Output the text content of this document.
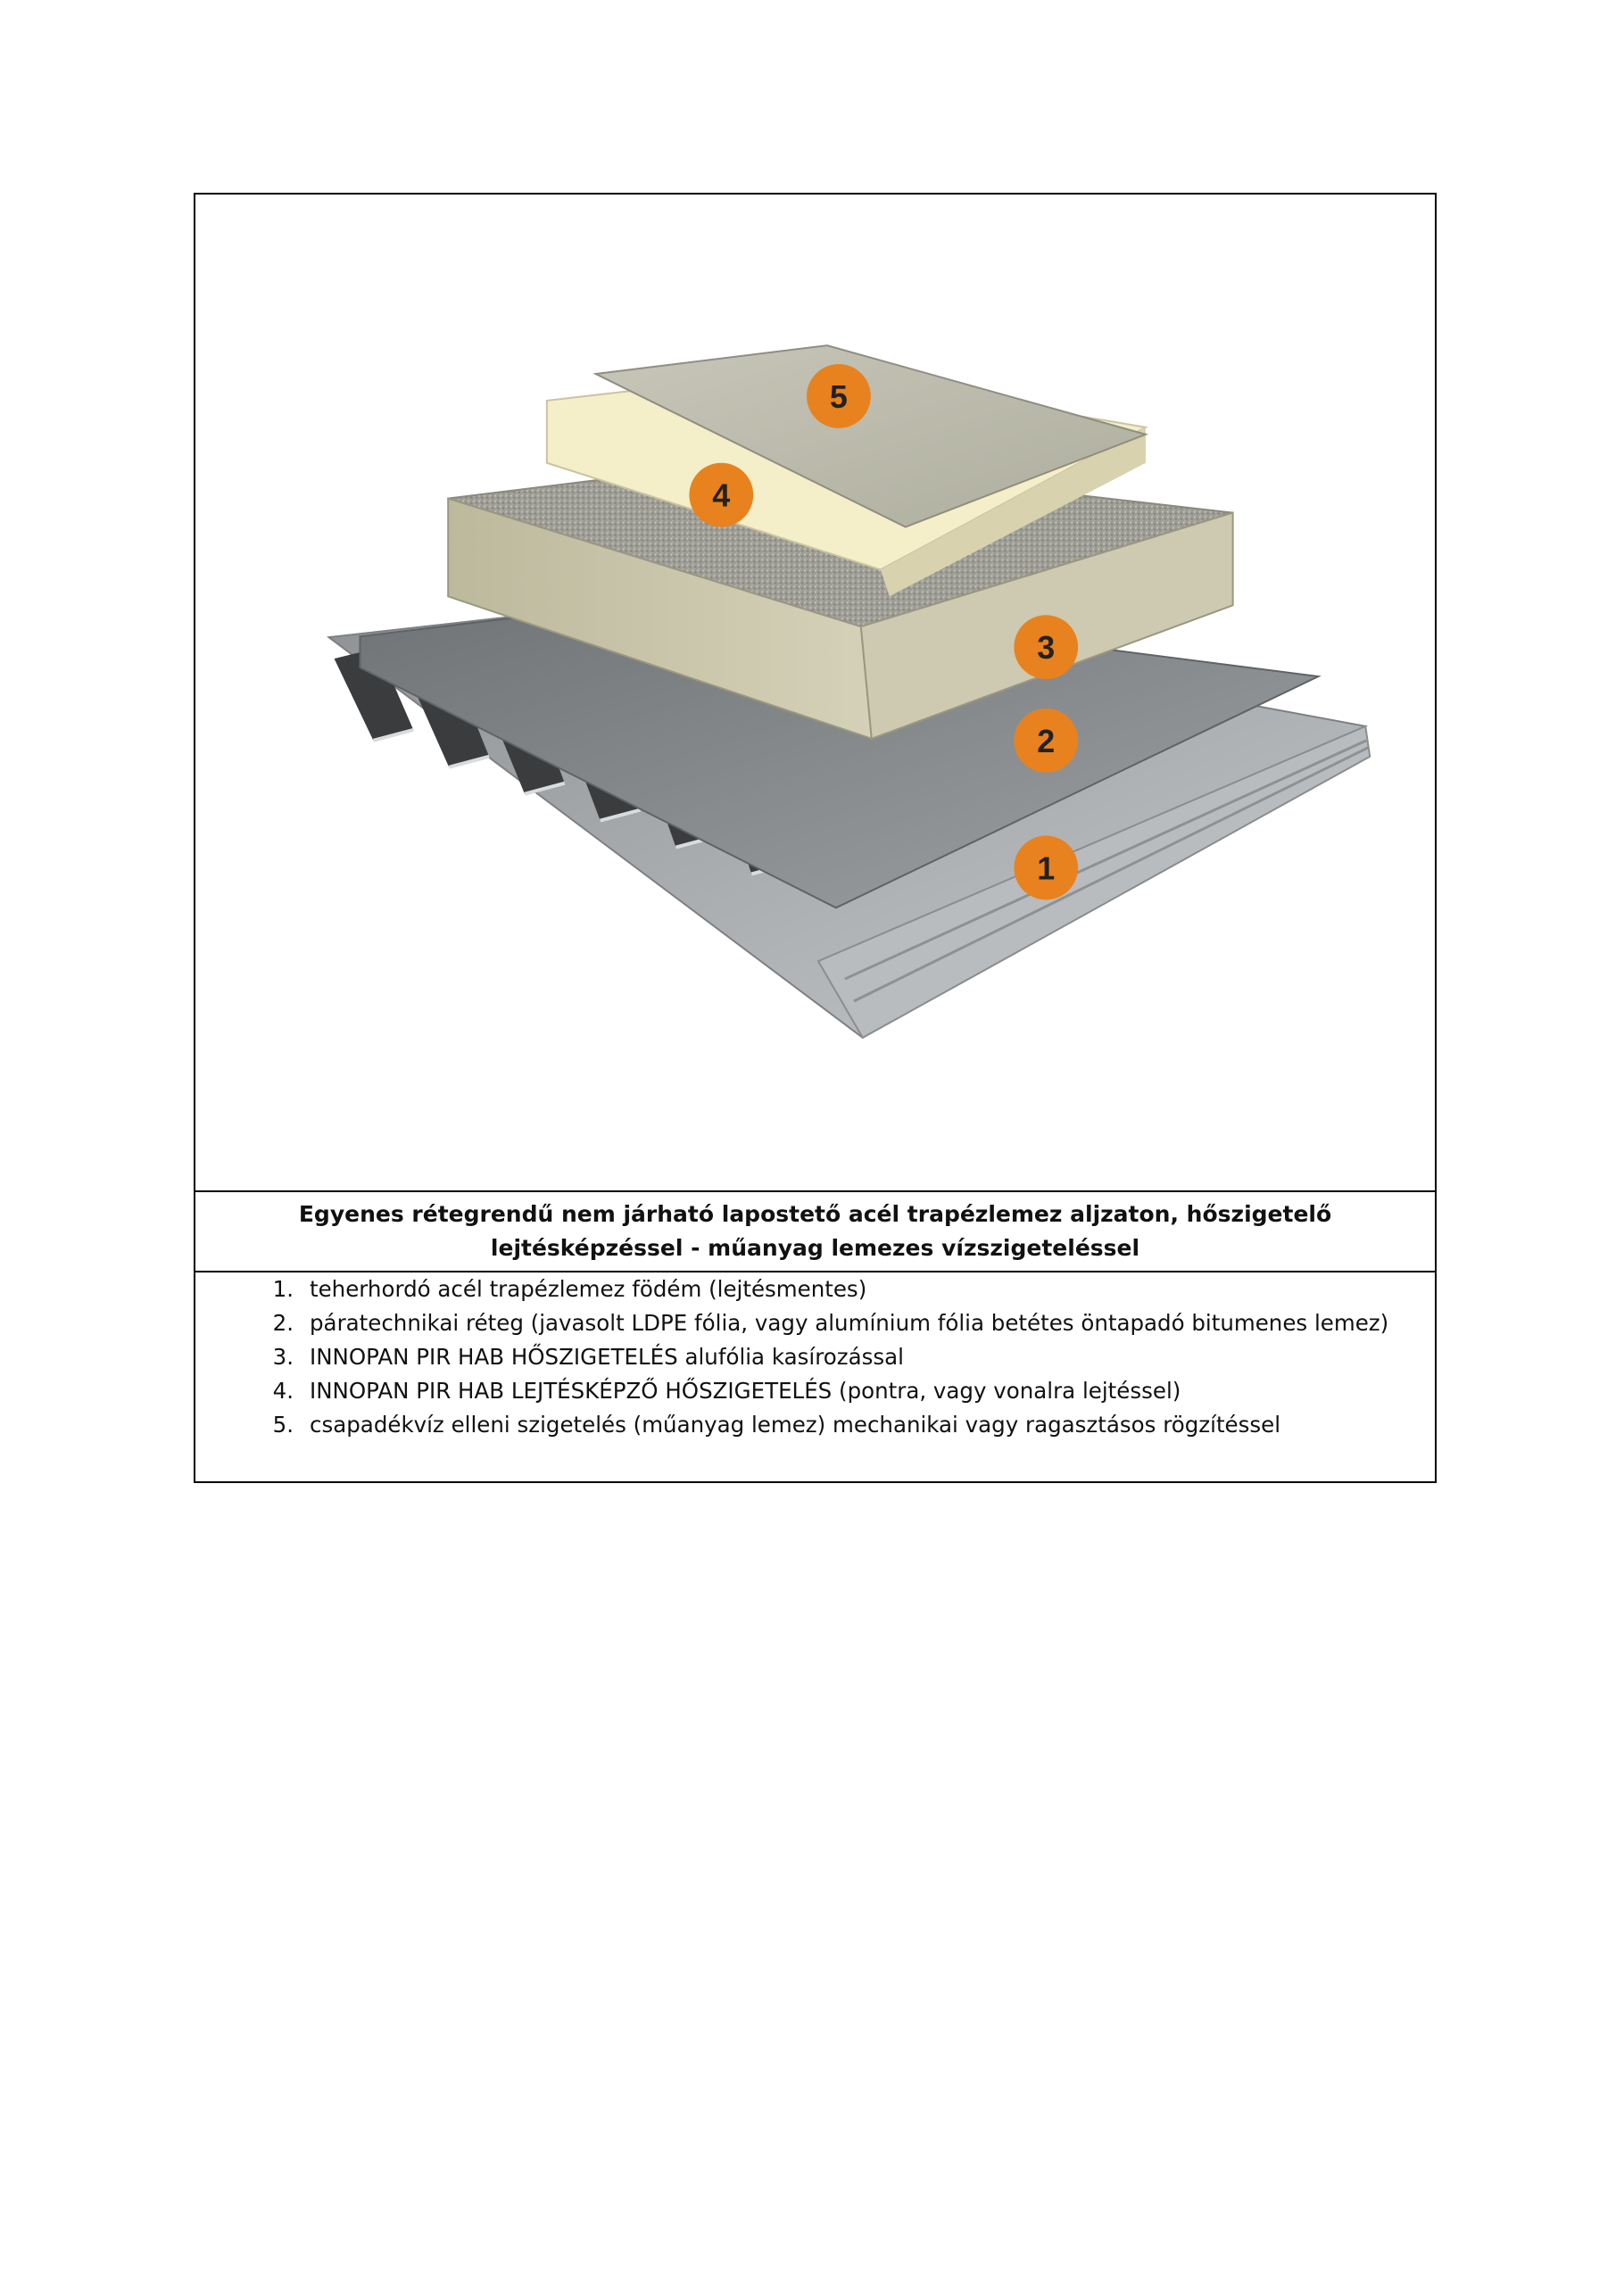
5
4
3
2
1
Egyenes rétegrendű nem járható lapostető acél trapézlemez aljzaton, hőszigetelő lejtésképzéssel - műanyag lemezes vízszigeteléssel
1. teherhordó acél trapézlemez födém (lejtésmentes)
2. páratechnikai réteg (javasolt LDPE fólia, vagy alumínium fólia betétes öntapadó bitumenes lemez)
3. INNOPAN PIR HAB HŐSZIGETELÉS alufólia kasírozással
4. INNOPAN PIR HAB LEJTÉSKÉPZŐ HŐSZIGETELÉS (pontra, vagy vonalra lejtéssel)
5. csapadékvíz elleni szigetelés (műanyag lemez) mechanikai vagy ragasztásos rögzítéssel
